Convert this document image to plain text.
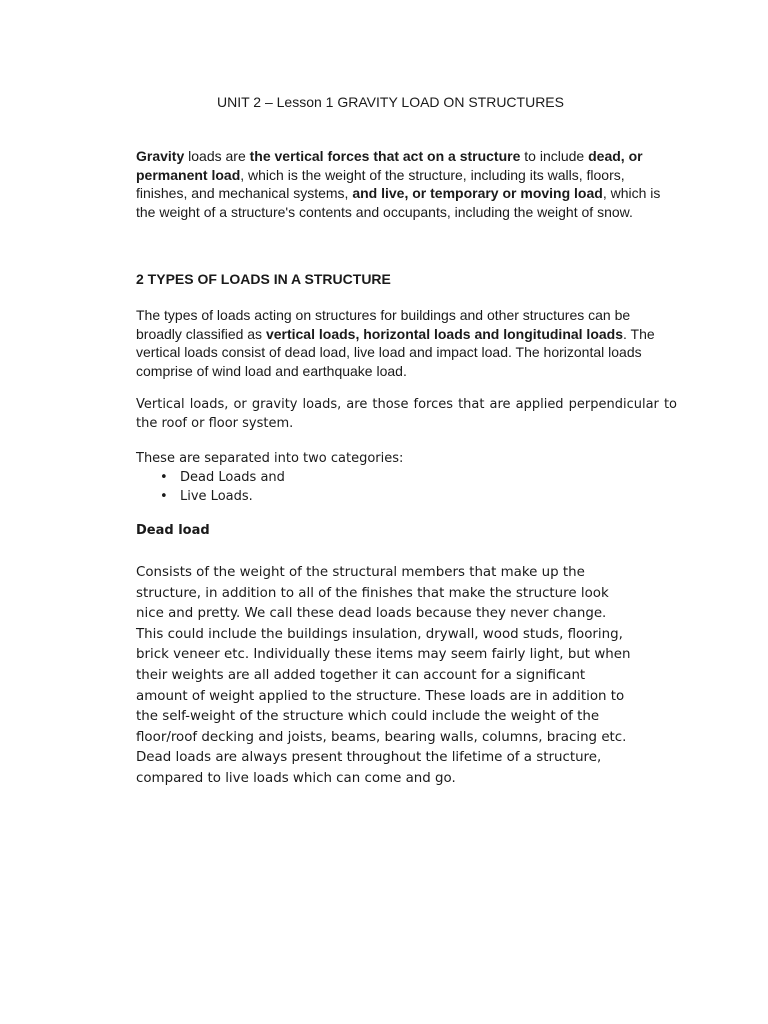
UNIT 2 – Lesson 1 GRAVITY LOAD ON STRUCTURES

Gravity loads are the vertical forces that act on a structure to include dead, or permanent load, which is the weight of the structure, including its walls, floors, finishes, and mechanical systems, and live, or temporary or moving load, which is the weight of a structure's contents and occupants, including the weight of snow.

2 TYPES OF LOADS IN A STRUCTURE

The types of loads acting on structures for buildings and other structures can be broadly classified as vertical loads, horizontal loads and longitudinal loads. The vertical loads consist of dead load, live load and impact load. The horizontal loads comprise of wind load and earthquake load.

Vertical loads, or gravity loads, are those forces that are applied perpendicular to the roof or floor system.

These are separated into two categories:

• Dead Loads and
• Live Loads.
Dead load

Consists of the weight of the structural members that make up the
structure, in addition to all of the finishes that make the structure look
nice and pretty. We call these dead loads because they never change.
This could include the buildings insulation, drywall, wood studs, flooring,
brick veneer etc. Individually these items may seem fairly light, but when
their weights are all added together it can account for a significant
amount of weight applied to the structure. These loads are in addition to
the self-weight of the structure which could include the weight of the
floor/roof decking and joists, beams, bearing walls, columns, bracing etc.
Dead loads are always present throughout the lifetime of a structure,
compared to live loads which can come and go.
